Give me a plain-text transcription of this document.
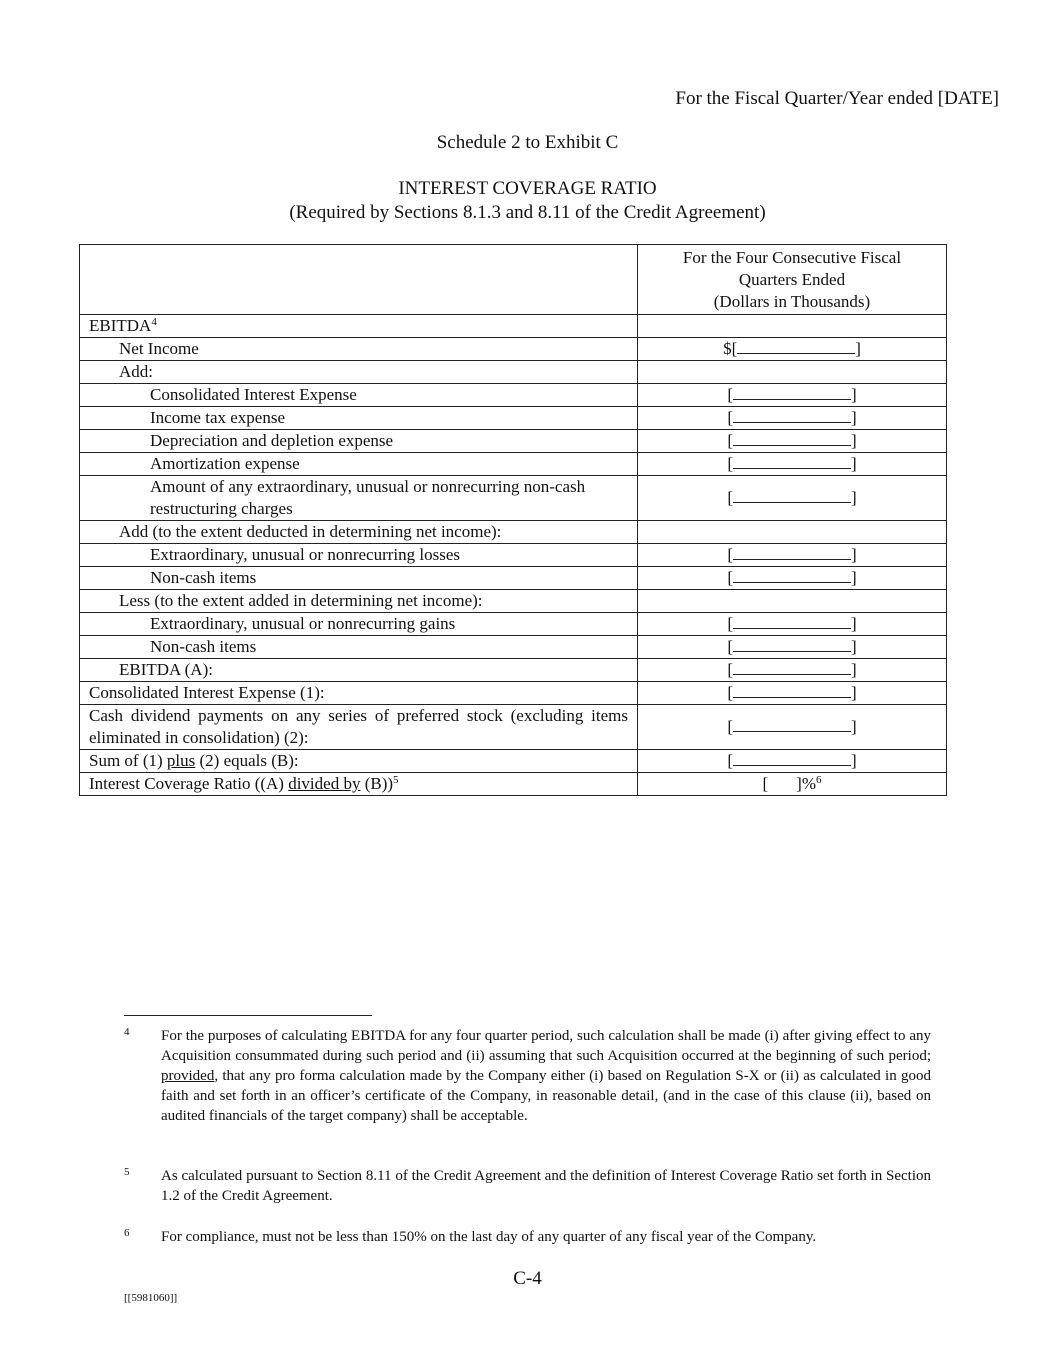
For the Fiscal Quarter/Year ended [DATE]
Schedule 2 to Exhibit C
INTEREST COVERAGE RATIO
(Required by Sections 8.1.3 and 8.11 of the Credit Agreement)

	For the Four Consecutive Fiscal
Quarters Ended
(Dollars in Thousands)

EBITDA$^4$	
Net Income	$[ ]
Add:	
Consolidated Interest Expense	[ ]
Income tax expense	[ ]
Depreciation and depletion expense	[ ]
Amortization expense	[ ]
Amount of any extraordinary, unusual or nonrecurring non-cash restructuring charges	[ ]
Add (to the extent deducted in determining net income):	
Extraordinary, unusual or nonrecurring losses	[ ]
Non-cash items	[ ]
Less (to the extent added in determining net income):	
Extraordinary, unusual or nonrecurring gains	[ ]
Non-cash items	[ ]
EBITDA (A):	[ ]
Consolidated Interest Expense (1):	[ ]
Cash dividend payments on any series of preferred stock (excluding items eliminated in consolidation) (2):	[ ]
Sum of (1) plus (2) equals (B):	[ ]
Interest Coverage Ratio ((A) divided by (B))$^5$	[ ]%$^6$
4 For the purposes of calculating EBITDA for any four quarter period, such calculation shall be made (i) after giving effect to any Acquisition consummated during such period and (ii) assuming that such Acquisition occurred at the beginning of such period; provided, that any pro forma calculation made by the Company either (i) based on Regulation S-X or (ii) as calculated in good faith and set forth in an officer’s certificate of the Company, in reasonable detail, (and in the case of this clause (ii), based on audited financials of the target company) shall be acceptable.
5 As calculated pursuant to Section 8.11 of the Credit Agreement and the definition of Interest Coverage Ratio set forth in Section 1.2 of the Credit Agreement.
6 For compliance, must not be less than 150% on the last day of any quarter of any fiscal year of the Company.
C-4
[[5981060]]
